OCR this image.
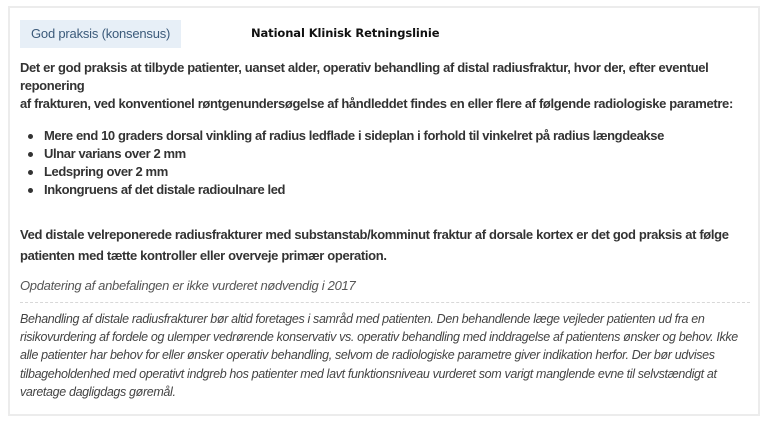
God praksis (konsensus)	National Klinisk Retningslinie
Det er god praksis at tilbyde patienter, uanset alder, operativ behandling af distal radiusfraktur, hvor der, efter eventuel
reponering
af frakturen, ved konventionel røntgenundersøgelse af håndleddet findes en eller flere af følgende radiologiske parametre:
Mere end 10 graders dorsal vinkling af radius ledflade i sideplan i forhold til vinkelret på radius længdeakse
Ulnar varians over 2 mm
Ledspring over 2 mm
Inkongruens af det distale radioulnare led
Ved distale velreponerede radiusfrakturer med substanstab/komminut fraktur af dorsale kortex er det god praksis at følge patienten med tætte kontroller eller overveje primær operation.
Opdatering af anbefalingen er ikke vurderet nødvendig i 2017
Behandling af distale radiusfrakturer bør altid foretages i samråd med patienten. Den behandlende læge vejleder patienten ud fra en risikovurdering af fordele og ulemper vedrørende konservativ vs. operativ behandling med inddragelse af patientens ønsker og behov. Ikke alle patienter har behov for eller ønsker operativ behandling, selvom de radiologiske parametre giver indikation herfor. Der bør udvises tilbageholdenhed med operativt indgreb hos patienter med lavt funktionsniveau vurderet som varigt manglende evne til selvstændigt at varetage dagligdags gøremål.
